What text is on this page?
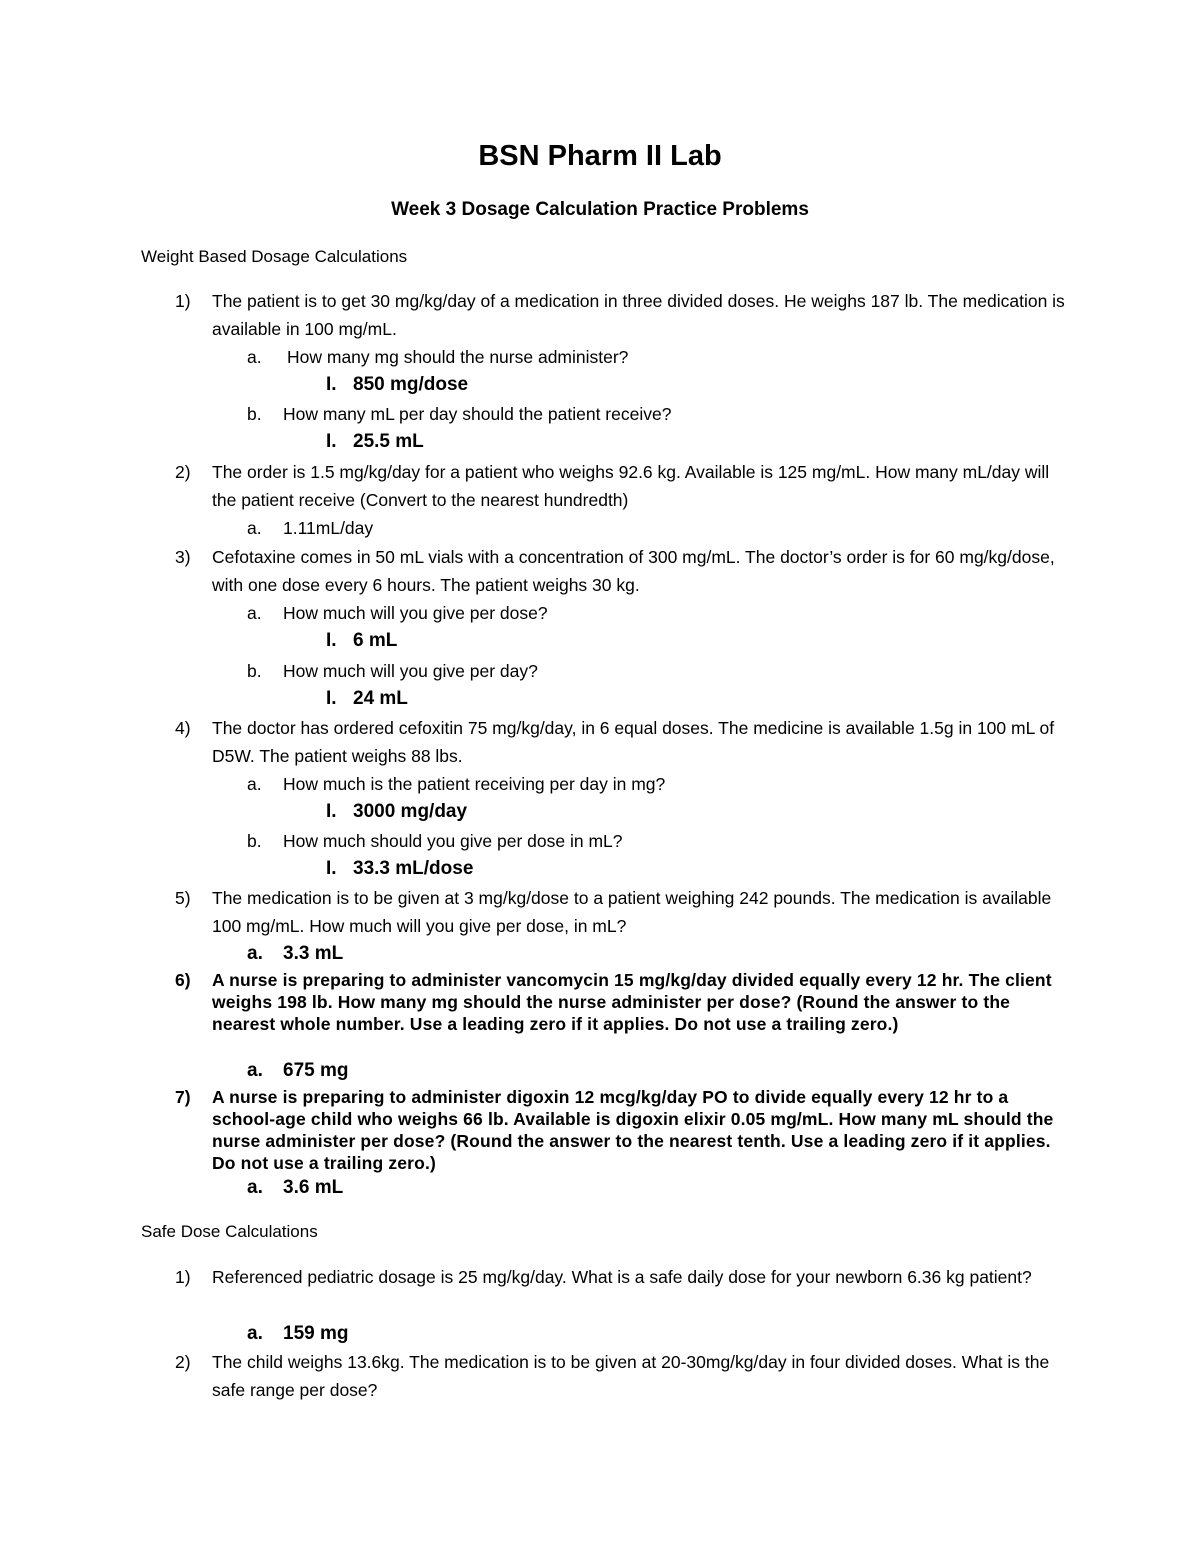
BSN Pharm II Lab
Week 3 Dosage Calculation Practice Problems
Weight Based Dosage Calculations
1) The patient is to get 30 mg/kg/day of a medication in three divided doses. He weighs 187 lb. The medication is available in 100 mg/mL.
a. How many mg should the nurse administer?
I. 850 mg/dose
b. How many mL per day should the patient receive?
I. 25.5 mL
2) The order is 1.5 mg/kg/day for a patient who weighs 92.6 kg. Available is 125 mg/mL. How many mL/day will the patient receive (Convert to the nearest hundredth)
a. 1.11mL/day
3) Cefotaxine comes in 50 mL vials with a concentration of 300 mg/mL. The doctor’s order is for 60 mg/kg/dose, with one dose every 6 hours. The patient weighs 30 kg.
a. How much will you give per dose?
I. 6 mL
b. How much will you give per day?
I. 24 mL
4) The doctor has ordered cefoxitin 75 mg/kg/day, in 6 equal doses. The medicine is available 1.5g in 100 mL of D5W. The patient weighs 88 lbs.
a. How much is the patient receiving per day in mg?
I. 3000 mg/day
b. How much should you give per dose in mL?
I. 33.3 mL/dose
5) The medication is to be given at 3 mg/kg/dose to a patient weighing 242 pounds. The medication is available 100 mg/mL. How much will you give per dose, in mL?
a. 3.3 mL
6) A nurse is preparing to administer vancomycin 15 mg/kg/day divided equally every 12 hr. The client weighs 198 lb. How many mg should the nurse administer per dose? (Round the answer to the nearest whole number. Use a leading zero if it applies. Do not use a trailing zero.)
a. 675 mg
7) A nurse is preparing to administer digoxin 12 mcg/kg/day PO to divide equally every 12 hr to a school-age child who weighs 66 lb. Available is digoxin elixir 0.05 mg/mL. How many mL should the nurse administer per dose? (Round the answer to the nearest tenth. Use a leading zero if it applies. Do not use a trailing zero.)
a. 3.6 mL
Safe Dose Calculations
1) Referenced pediatric dosage is 25 mg/kg/day. What is a safe daily dose for your newborn 6.36 kg patient?
a. 159 mg
2) The child weighs 13.6kg. The medication is to be given at 20-30mg/kg/day in four divided doses. What is the safe range per dose?
